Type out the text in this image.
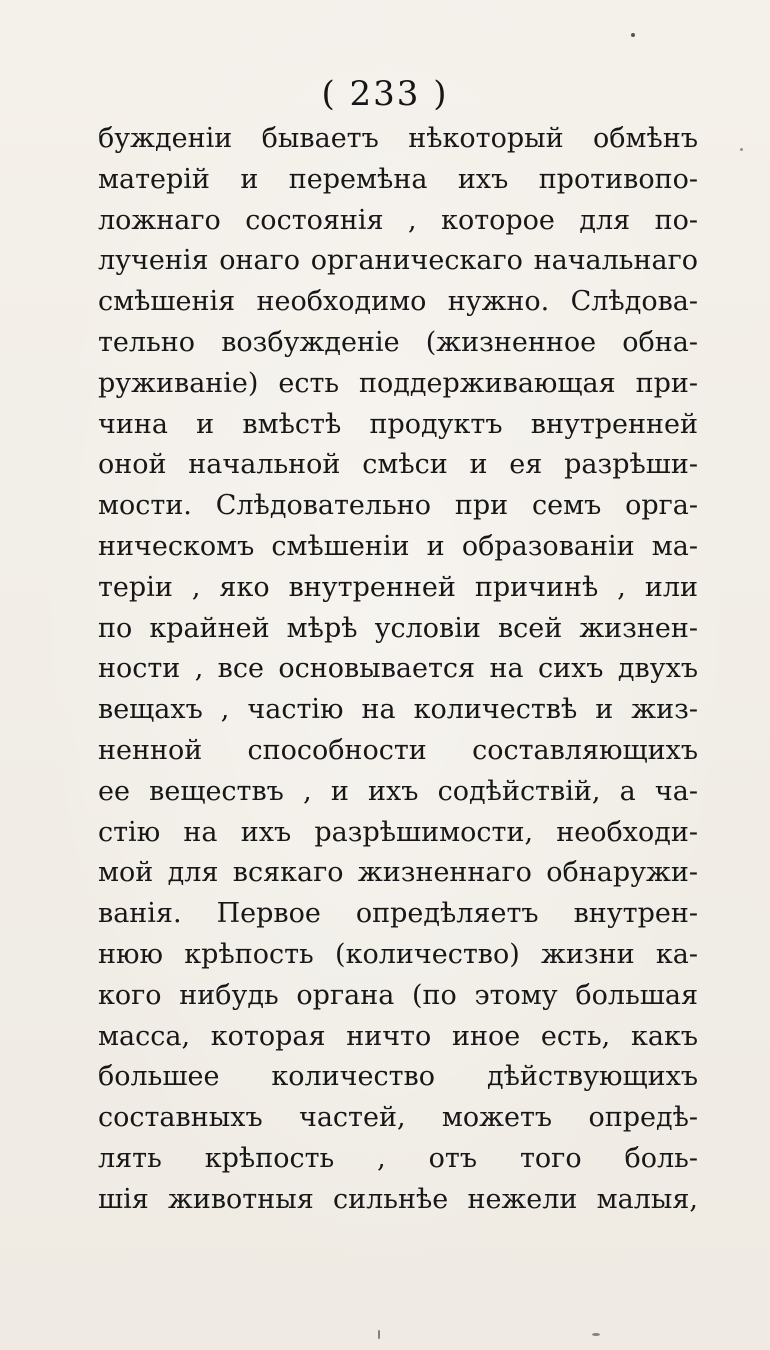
( 233 )
бужденiи бываетъ нѣкоторый обмѣнъ
матерiй и перемѣна ихъ противопо-
ложнаго состоянiя , которое для по-
лученiя онаго органическаго начальнаго
смѣшенiя необходимо нужно. Слѣдова-
тельно возбужденiе (жизненное обна-
руживанiе) есть поддерживающая при-
чина и вмѣстѣ продуктъ внутренней
оной начальной смѣси и ея разрѣши-
мости. Слѣдовательно при семъ орга-
ническомъ смѣшенiи и образованiи ма-
терiи , яко внутренней причинѣ , или
по крайней мѣрѣ условiи всей жизнен-
ности , все основывается на сихъ двухъ
вещахъ , частiю на количествѣ и жиз-
ненной способности составляющихъ
ее веществъ , и ихъ содѣйствiй, а ча-
стiю на ихъ разрѣшимости, необходи-
мой для всякаго жизненнаго обнаружи-
ванiя. Первое опредѣляетъ внутрен-
нюю крѣпость (количество) жизни ка-
кого нибудь органа (по этому большая
масса, которая ничто иное есть, какъ
большее количество дѣйствующихъ
составныхъ частей, можетъ опредѣ-
лять крѣпость , отъ того боль-
шiя животныя сильнѣе нежели малыя,
